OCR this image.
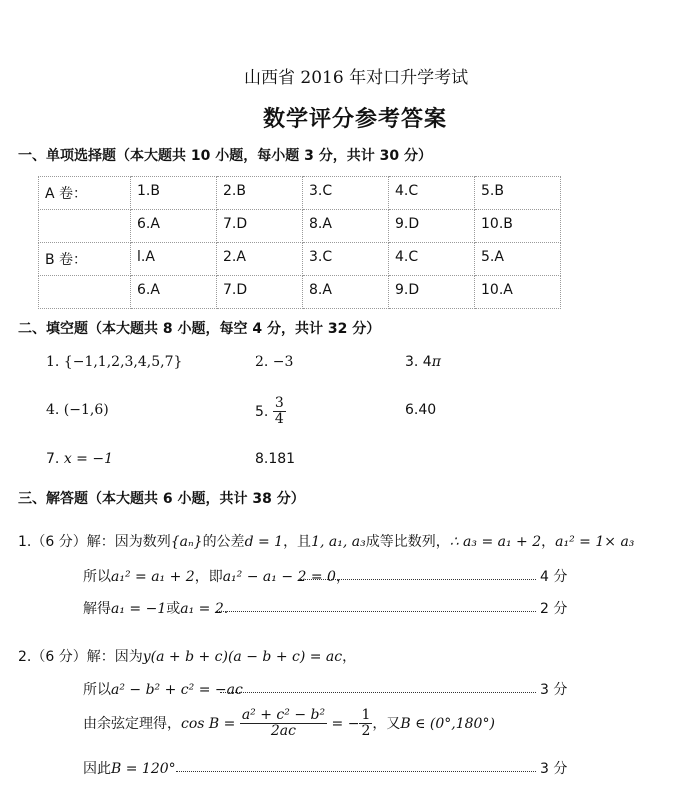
山西省 2016 年对口升学考试
数学评分参考答案
一、单项选择题（本大题共 10 小题，每小题 3 分，共计 30 分）
A 卷：	1.B	2.B	3.C	4.C	5.B
	6.A	7.D	8.A	9.D	10.B
B 卷：	l.A	2.A	3.C	4.C	5.A
	6.A	7.D	8.A	9.D	10.A
二、填空题（本大题共 8 小题，每空 4 分，共计 32 分）
1. {−1,1,2,3,4,5,7}	2. −3	3. 4π
4. (−1,6)	5. $\frac{3}{4}$	6.40
7. x = −1	8.181
三、解答题（本大题共 6 小题，共计 38 分）
1.（6 分）解：因为数列{aₙ}的公差d = 1，且1, a₁, a₃成等比数列，∴ a₃ = a₁ + 2，a₁² = 1× a₃
所以a₁² = a₁ + 2，即a₁² − a₁ − 2 = 0，	4 分
解得a₁ = −1或a₁ = 2.	2 分
2.（6 分）解：因为y(a + b + c)(a − b + c) = ac，
所以a² − b² + c² = −ac	3 分
由余弦定理得，$\cos B = \frac{\text{a² + c² − b²}}{2ac}$ = − $\frac{1}{2}$ ，又B ∈ (0°,180°)
因此B = 120°	3 分
